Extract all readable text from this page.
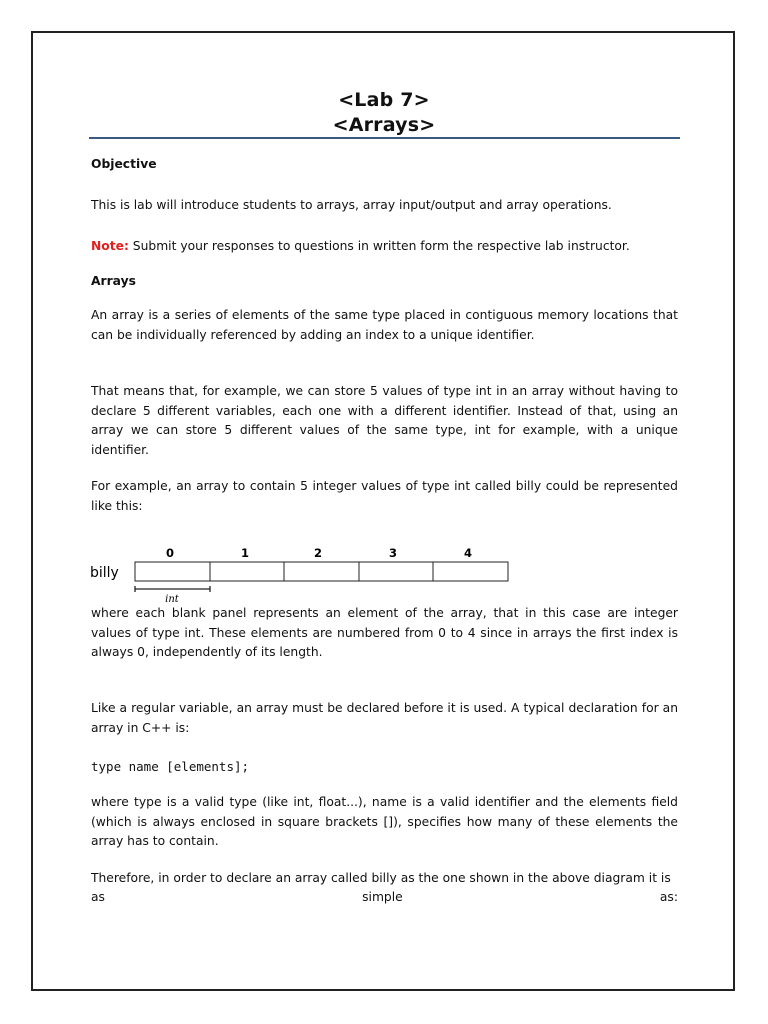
<Lab 7>
<Arrays>

Objective

This is lab will introduce students to arrays, array input/output and array operations.

Note: Submit your responses to questions in written form the respective lab instructor.

Arrays

An array is a series of elements of the same type placed in contiguous memory locations that can be individually referenced by adding an index to a unique identifier.

That means that, for example, we can store 5 values of type int in an array without having to declare 5 different variables, each one with a different identifier. Instead of that, using an array we can store 5 different values of the same type, int for example, with a unique identifier.

For example, an array to contain 5 integer values of type int called billy could be represented like this:

billy
0	1	2	3	4
int

where each blank panel represents an element of the array, that in this case are integer values of type int. These elements are numbered from 0 to 4 since in arrays the first index is always 0, independently of its length.

Like a regular variable, an array must be declared before it is used. A typical declaration for an array in C++ is:

type name [elements];

where type is a valid type (like int, float...), name is a valid identifier and the elements field (which is always enclosed in square brackets []), specifies how many of these elements the array has to contain.

Therefore, in order to declare an array called billy as the one shown in the above diagram it is

as	simple	as:
